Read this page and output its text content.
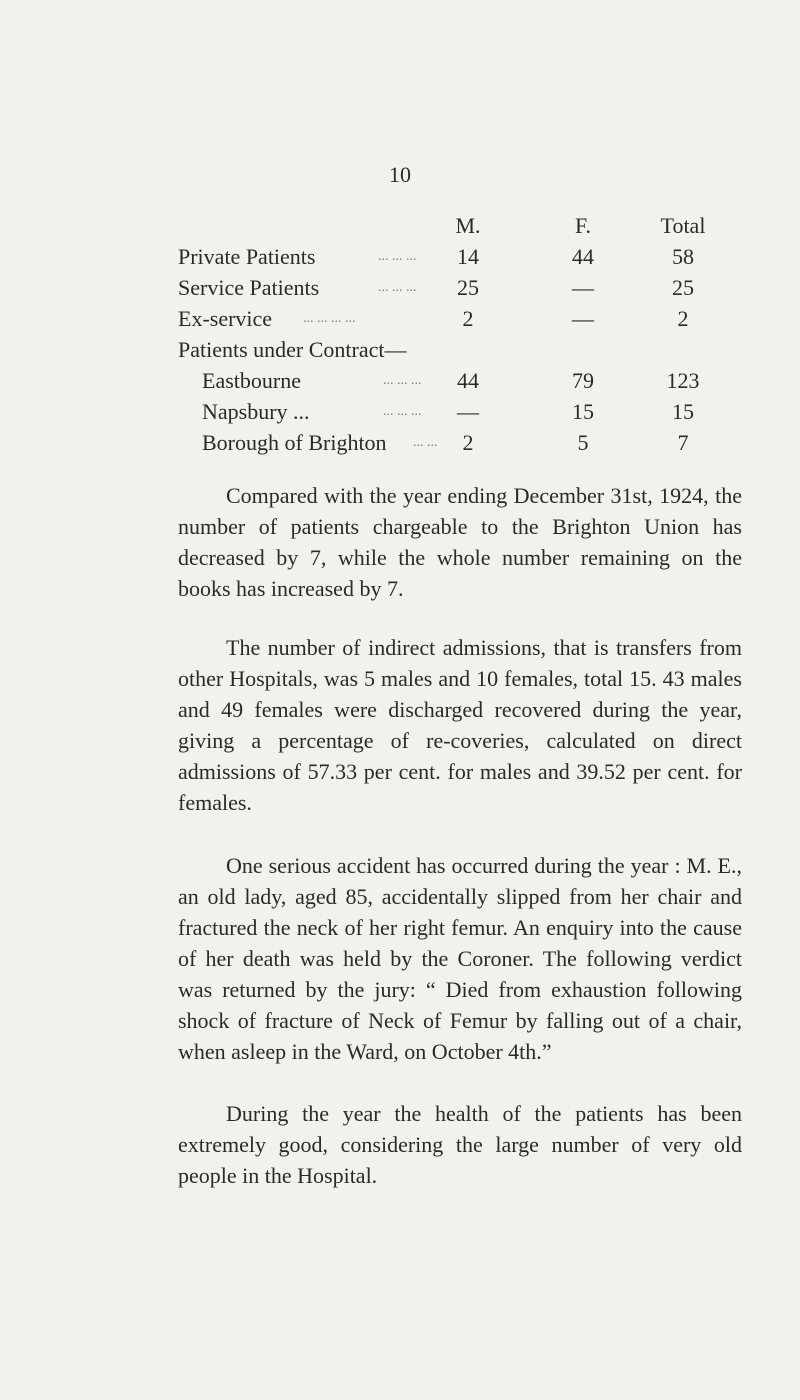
10
M.	F.	Total
Private Patients	... ... ...	14	44	58
Service Patients	... ... ...	25	—	25
Ex-service ... ... ... ...	2	—	2
Patients under Contract—
Eastbourne	... ... ...	44	79	123
Napsbury ...	... ... ...	—	15	15
Borough of Brighton ... ...	2	5	7

Compared with the year ending December 31st, 1924, the number of patients chargeable to the Brighton Union has decreased by 7, while the whole number remaining on the books has increased by 7.

The number of indirect admissions, that is transfers from other Hospitals, was 5 males and 10 females, total 15. 43 males and 49 females were discharged recovered during the year, giving a percentage of re-coveries, calculated on direct admissions of 57.33 per cent. for males and 39.52 per cent. for females.

One serious accident has occurred during the year : M. E., an old lady, aged 85, accidentally slipped from her chair and fractured the neck of her right femur. An enquiry into the cause of her death was held by the Coroner. The following verdict was returned by the jury: “ Died from exhaustion following shock of fracture of Neck of Femur by falling out of a chair, when asleep in the Ward, on October 4th.”

During the year the health of the patients has been extremely good, considering the large number of very old people in the Hospital.
